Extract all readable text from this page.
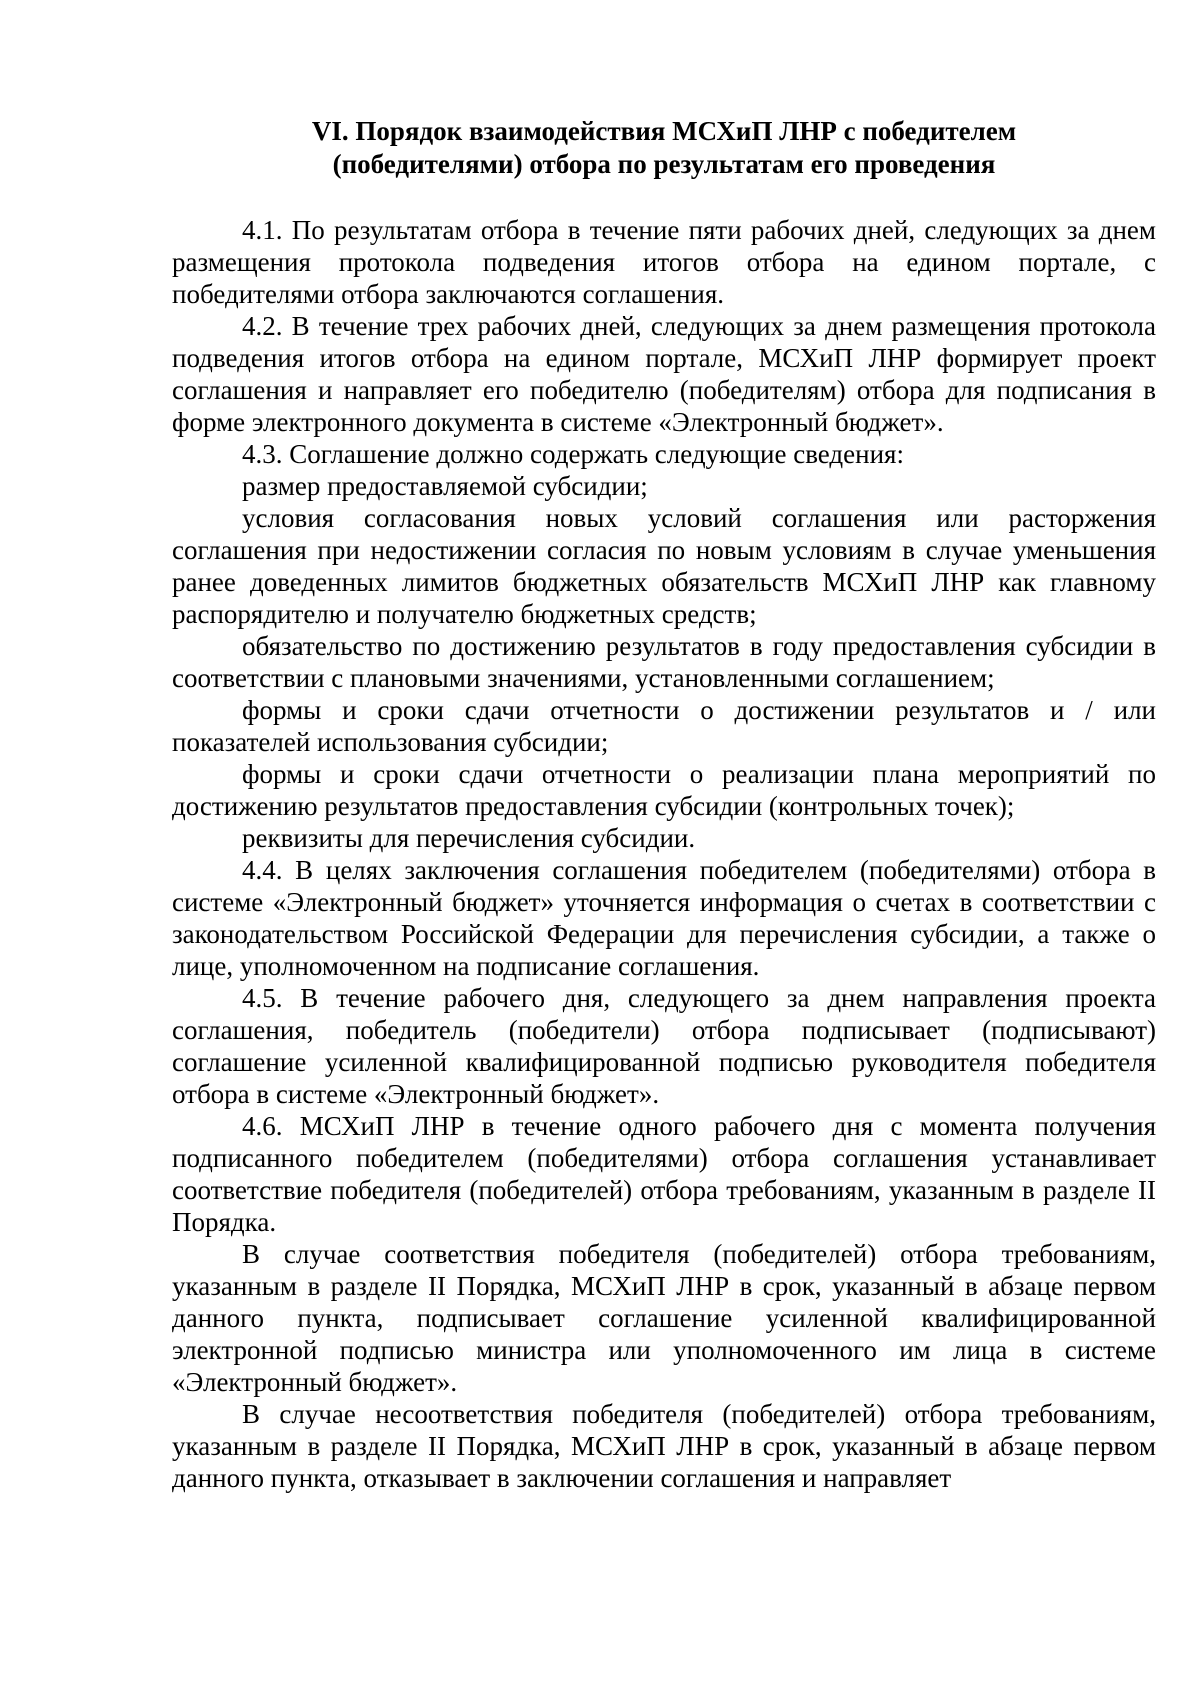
VI. Порядок взаимодействия МСХиП ЛНР с победителем
(победителями) отбора по результатам его проведения

4.1. По результатам отбора в течение пяти рабочих дней, следующих за днем размещения протокола подведения итогов отбора на едином портале, с победителями отбора заключаются соглашения.

4.2. В течение трех рабочих дней, следующих за днем размещения протокола подведения итогов отбора на едином портале, МСХиП ЛНР формирует проект соглашения и направляет его победителю (победителям) отбора для подписания в форме электронного документа в системе «Электронный бюджет».

4.3. Соглашение должно содержать следующие сведения:

размер предоставляемой субсидии;

условия согласования новых условий соглашения или расторжения соглашения при недостижении согласия по новым условиям в случае уменьшения ранее доведенных лимитов бюджетных обязательств МСХиП ЛНР как главному распорядителю и получателю бюджетных средств;

обязательство по достижению результатов в году предоставления субсидии в соответствии с плановыми значениями, установленными соглашением;

формы и сроки сдачи отчетности о достижении результатов и / или показателей использования субсидии;

формы и сроки сдачи отчетности о реализации плана мероприятий по достижению результатов предоставления субсидии (контрольных точек);

реквизиты для перечисления субсидии.

4.4. В целях заключения соглашения победителем (победителями) отбора в системе «Электронный бюджет» уточняется информация о счетах в соответствии с законодательством Российской Федерации для перечисления субсидии, а также о лице, уполномоченном на подписание соглашения.

4.5. В течение рабочего дня, следующего за днем направления проекта соглашения, победитель (победители) отбора подписывает (подписывают) соглашение усиленной квалифицированной подписью руководителя победителя отбора в системе «Электронный бюджет».

4.6. МСХиП ЛНР в течение одного рабочего дня с момента получения подписанного победителем (победителями) отбора соглашения устанавливает соответствие победителя (победителей) отбора требованиям, указанным в разделе II Порядка.

В случае соответствия победителя (победителей) отбора требованиям, указанным в разделе II Порядка, МСХиП ЛНР в срок, указанный в абзаце первом данного пункта, подписывает соглашение усиленной квалифицированной электронной подписью министра или уполномоченного им лица в системе «Электронный бюджет».

В случае несоответствия победителя (победителей) отбора требованиям, указанным в разделе II Порядка, МСХиП ЛНР в срок, указанный в абзаце первом данного пункта, отказывает в заключении соглашения и направляет
